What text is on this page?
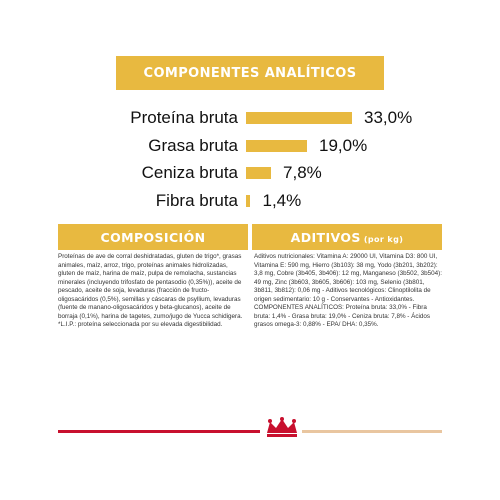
COMPONENTES ANALÍTICOS
Proteína bruta	33,0%
Grasa bruta	19,0%
Ceniza bruta	7,8%
Fibra bruta 1,4%
COMPOSICIÓN	ADITIVOS (por kg)
Proteínas de ave de corral deshidratadas, gluten de trigo*, grasas animales, maíz, arroz, trigo, proteínas animales hidrolizadas, gluten de maíz, harina de maíz, pulpa de remolacha, sustancias minerales (incluyendo trifosfato de pentasodio (0,35%)), aceite de pescado, aceite de soja, levaduras (fracción de fructo-oligosacáridos (0,5%), semillas y cáscaras de psyllium, levaduras (fuente de manano-oligosacáridos y beta-glucanos), aceite de borraja (0,1%), harina de tagetes, zumo/jugo de Yucca schidigera. *L.I.P.: proteína seleccionada por su elevada digestibilidad.
Aditivos nutricionales: Vitamina A: 29000 UI, Vitamina D3: 800 UI, Vitamina E: 590 mg, Hierro (3b103): 38 mg, Yodo (3b201, 3b202): 3,8 mg, Cobre (3b405, 3b406): 12 mg, Manganeso (3b502, 3b504): 49 mg, Zinc (3b603, 3b605, 3b606): 103 mg, Selenio (3b801, 3b811, 3b812): 0,06 mg - Aditivos tecnológicos: Clinoptilolita de origen sedimentario: 10 g - Conservantes - Antioxidantes.
COMPONENTES ANALÍTICOS: Proteína bruta: 33,0% - Fibra bruta: 1,4% - Grasa bruta: 19,0% - Ceniza bruta: 7,8% - Ácidos grasos omega-3: 0,88% - EPA/ DHA: 0,35%.
